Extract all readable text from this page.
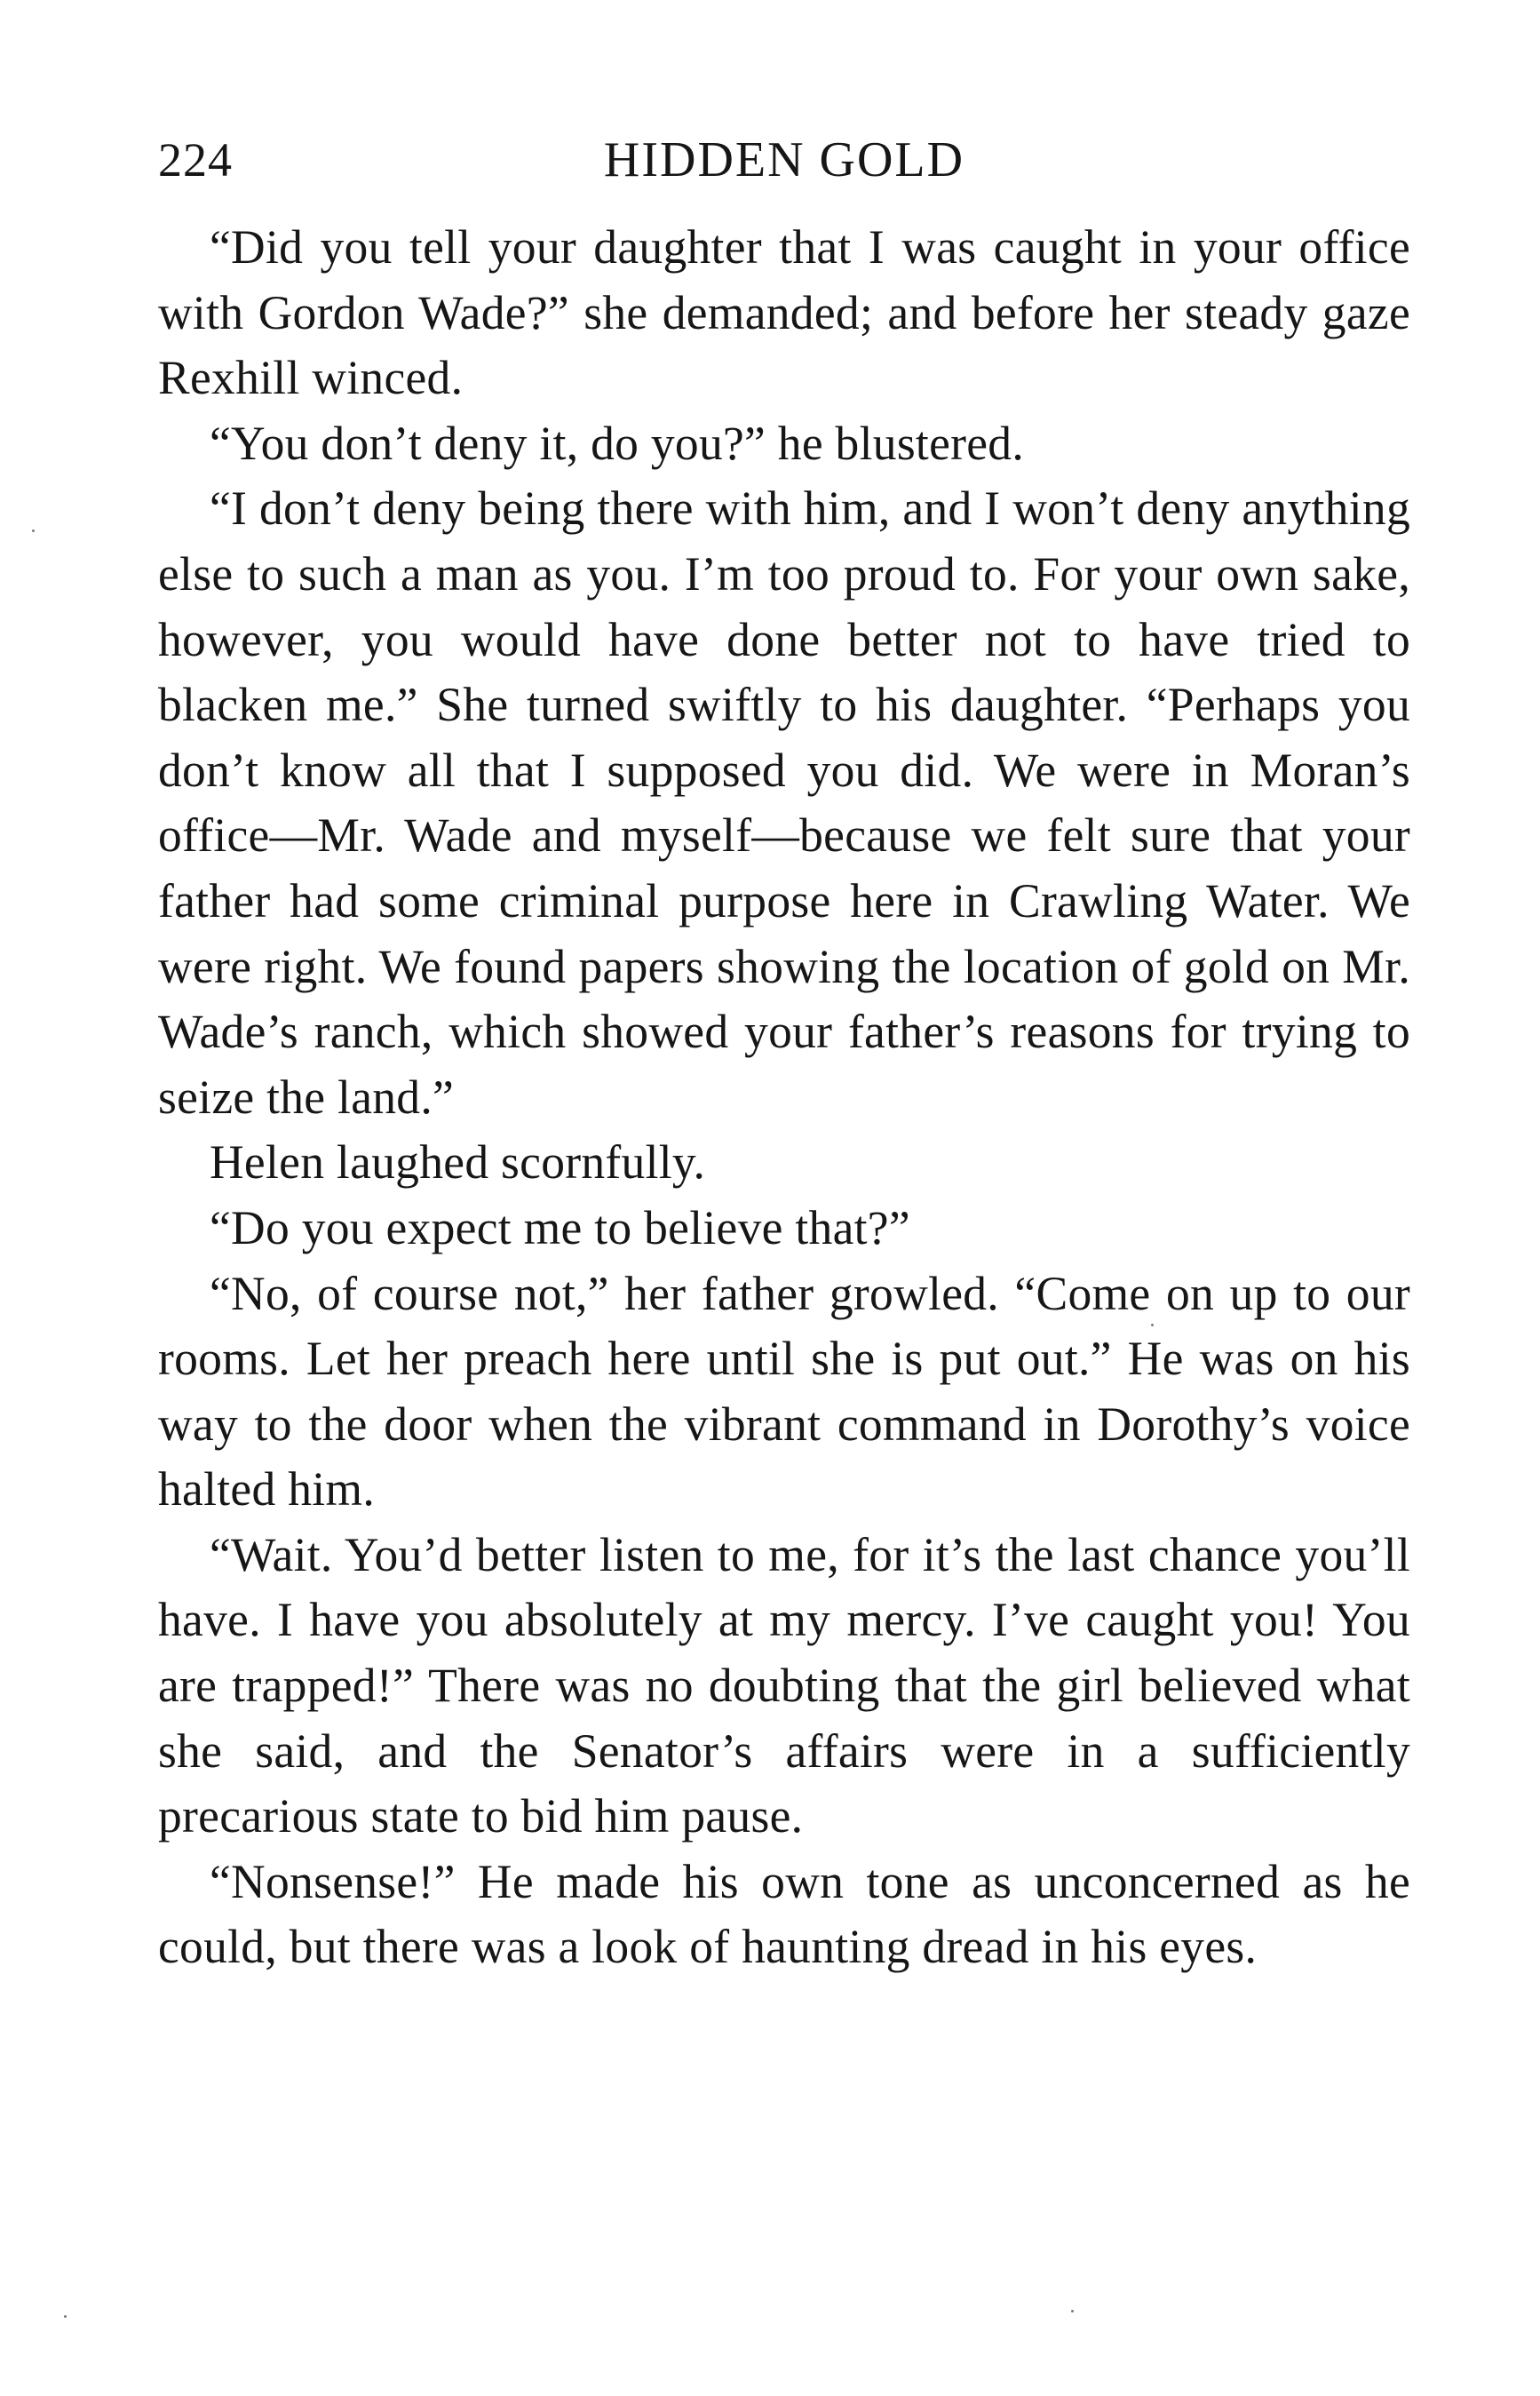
224	HIDDEN GOLD

“Did you tell your daughter that I was caught in your office with Gordon Wade?” she demanded; and before her steady gaze Rexhill winced.

“You don’t deny it, do you?” he blustered.

“I don’t deny being there with him, and I won’t deny anything else to such a man as you. I’m too proud to. For your own sake, however, you would have done better not to have tried to blacken me.” She turned swiftly to his daughter. “Perhaps you don’t know all that I supposed you did. We were in Moran’s office—Mr. Wade and myself—because we felt sure that your father had some criminal purpose here in Crawling Water. We were right. We found papers showing the location of gold on Mr. Wade’s ranch, which showed your father’s reasons for trying to seize the land.”

Helen laughed scornfully.

“Do you expect me to believe that?”

“No, of course not,” her father growled. “Come on up to our rooms. Let her preach here until she is put out.” He was on his way to the door when the vibrant command in Dorothy’s voice halted him.

“Wait. You’d better listen to me, for it’s the last chance you’ll have. I have you absolutely at my mercy. I’ve caught you! You are trapped!” There was no doubting that the girl believed what she said, and the Senator’s affairs were in a sufficiently precarious state to bid him pause.

“Nonsense!” He made his own tone as unconcerned as he could, but there was a look of haunting dread in his eyes.
